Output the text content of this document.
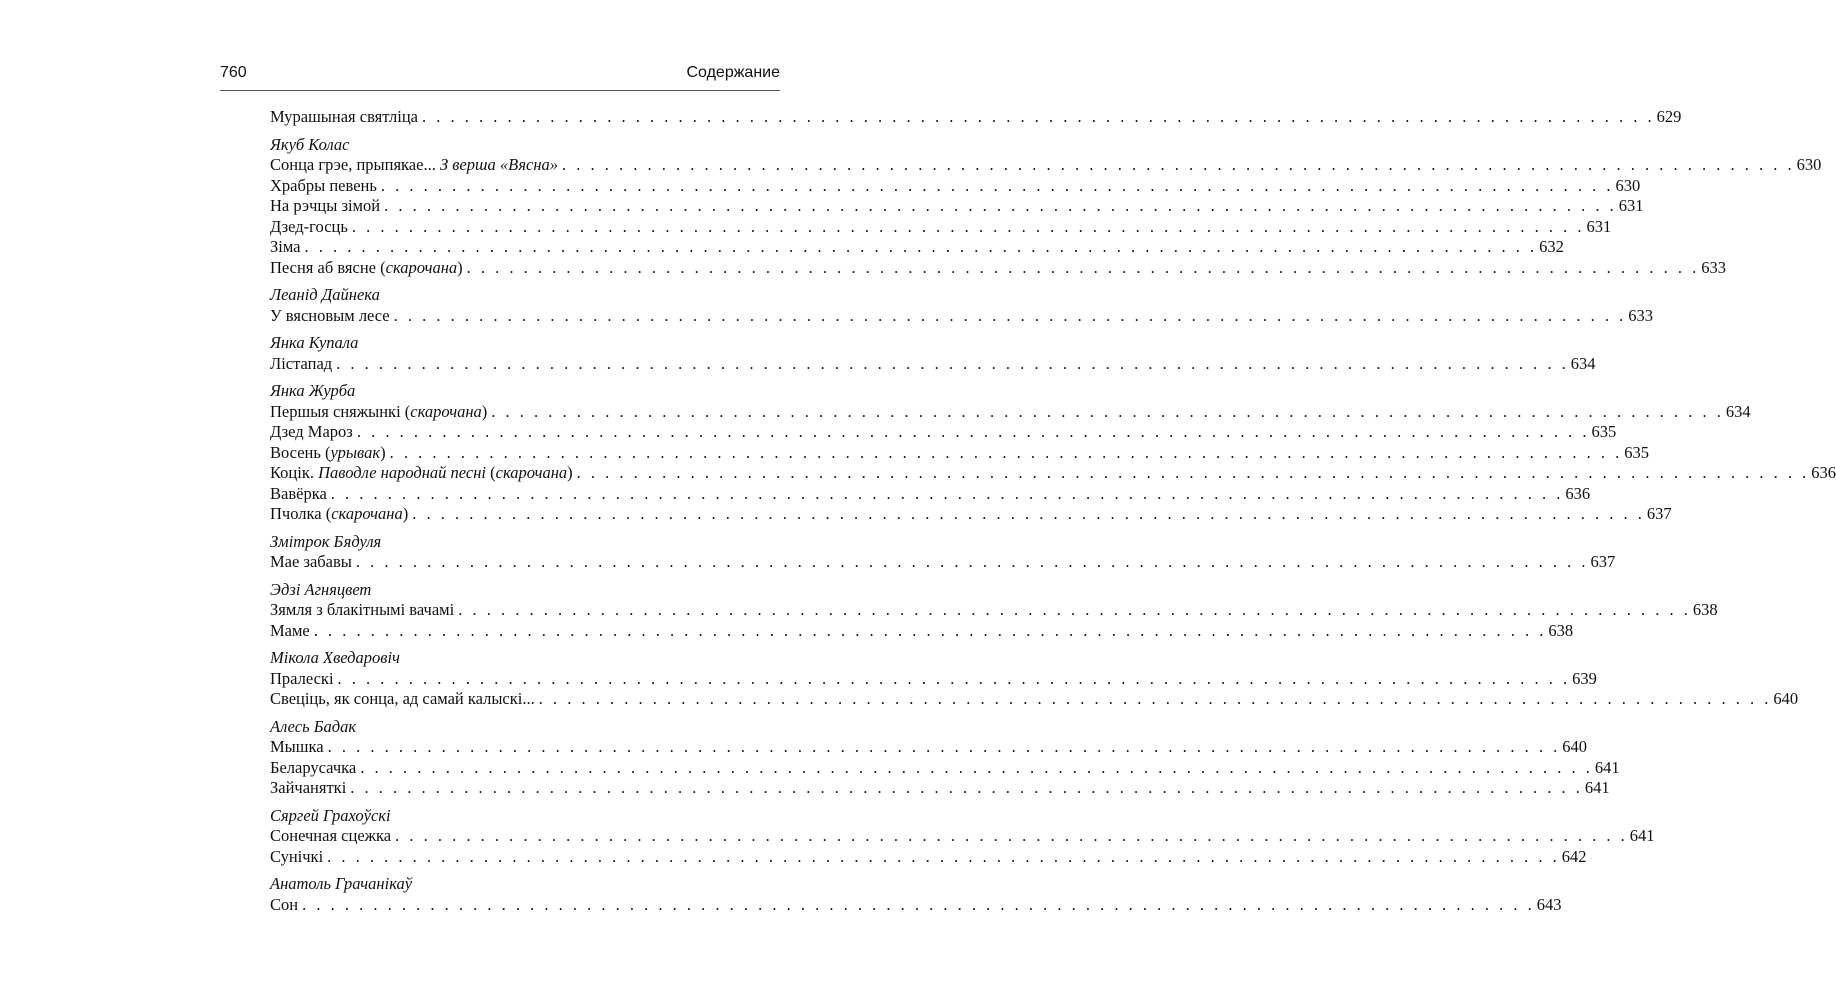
760	Содержание
Мурашыная святліца . . . . . . . . . . . . . . . . . . . . . . . . . . . . . . . . . . . . . . . . . . . . . . . . . . . . . . . . . . . . . . . . . . . . . . . . . . . . . . . . . . . . . . . 629
Якуб Колас
Сонца грэе, прыпякае... З верша «Вясна» . . . . . . . . . . . . . . . . . . . . . . . . . . . . . . . . . . . . . . . . . . . . . . . . . . . . . . . . . . . . . . . . . . . . . . . . . . . . . . . . . . . . . . . 630
Храбры певень . . . . . . . . . . . . . . . . . . . . . . . . . . . . . . . . . . . . . . . . . . . . . . . . . . . . . . . . . . . . . . . . . . . . . . . . . . . . . . . . . . . . . . . 630
На рэчцы зімой . . . . . . . . . . . . . . . . . . . . . . . . . . . . . . . . . . . . . . . . . . . . . . . . . . . . . . . . . . . . . . . . . . . . . . . . . . . . . . . . . . . . . . . 631
Дзед-госць . . . . . . . . . . . . . . . . . . . . . . . . . . . . . . . . . . . . . . . . . . . . . . . . . . . . . . . . . . . . . . . . . . . . . . . . . . . . . . . . . . . . . . . 631
Зіма . . . . . . . . . . . . . . . . . . . . . . . . . . . . . . . . . . . . . . . . . . . . . . . . . . . . . . . . . . . . . . . . . . . . . . . . . . . . . . . . . . . . . . . 632
Песня аб вясне (скарочана) . . . . . . . . . . . . . . . . . . . . . . . . . . . . . . . . . . . . . . . . . . . . . . . . . . . . . . . . . . . . . . . . . . . . . . . . . . . . . . . . . . . . . . . 633
Леанід Дайнека
У вясновым лесе . . . . . . . . . . . . . . . . . . . . . . . . . . . . . . . . . . . . . . . . . . . . . . . . . . . . . . . . . . . . . . . . . . . . . . . . . . . . . . . . . . . . . . . 633
Янка Купала
Лістапад . . . . . . . . . . . . . . . . . . . . . . . . . . . . . . . . . . . . . . . . . . . . . . . . . . . . . . . . . . . . . . . . . . . . . . . . . . . . . . . . . . . . . . . 634
Янка Журба
Першыя сняжынкі (скарочана) . . . . . . . . . . . . . . . . . . . . . . . . . . . . . . . . . . . . . . . . . . . . . . . . . . . . . . . . . . . . . . . . . . . . . . . . . . . . . . . . . . . . . . . 634
Дзед Мароз . . . . . . . . . . . . . . . . . . . . . . . . . . . . . . . . . . . . . . . . . . . . . . . . . . . . . . . . . . . . . . . . . . . . . . . . . . . . . . . . . . . . . . . 635
Восень (урывак) . . . . . . . . . . . . . . . . . . . . . . . . . . . . . . . . . . . . . . . . . . . . . . . . . . . . . . . . . . . . . . . . . . . . . . . . . . . . . . . . . . . . . . . 635
Коцік. Паводле народнай песні (скарочана) . . . . . . . . . . . . . . . . . . . . . . . . . . . . . . . . . . . . . . . . . . . . . . . . . . . . . . . . . . . . . . . . . . . . . . . . . . . . . . . . . . . . . . . 636
Вавёрка . . . . . . . . . . . . . . . . . . . . . . . . . . . . . . . . . . . . . . . . . . . . . . . . . . . . . . . . . . . . . . . . . . . . . . . . . . . . . . . . . . . . . . . 636
Пчолка (скарочана) . . . . . . . . . . . . . . . . . . . . . . . . . . . . . . . . . . . . . . . . . . . . . . . . . . . . . . . . . . . . . . . . . . . . . . . . . . . . . . . . . . . . . . . 637
Змітрок Бядуля
Мае забавы . . . . . . . . . . . . . . . . . . . . . . . . . . . . . . . . . . . . . . . . . . . . . . . . . . . . . . . . . . . . . . . . . . . . . . . . . . . . . . . . . . . . . . . 637
Эдзі Агняцвет
Зямля з блакітнымі вачамі . . . . . . . . . . . . . . . . . . . . . . . . . . . . . . . . . . . . . . . . . . . . . . . . . . . . . . . . . . . . . . . . . . . . . . . . . . . . . . . . . . . . . . . 638
Маме . . . . . . . . . . . . . . . . . . . . . . . . . . . . . . . . . . . . . . . . . . . . . . . . . . . . . . . . . . . . . . . . . . . . . . . . . . . . . . . . . . . . . . . 638
Мікола Хведаровіч
Пралескі . . . . . . . . . . . . . . . . . . . . . . . . . . . . . . . . . . . . . . . . . . . . . . . . . . . . . . . . . . . . . . . . . . . . . . . . . . . . . . . . . . . . . . . 639
Свеціць, як сонца, ад самай калыскі... . . . . . . . . . . . . . . . . . . . . . . . . . . . . . . . . . . . . . . . . . . . . . . . . . . . . . . . . . . . . . . . . . . . . . . . . . . . . . . . . . . . . . . . 640
Алесь Бадак
Мышка . . . . . . . . . . . . . . . . . . . . . . . . . . . . . . . . . . . . . . . . . . . . . . . . . . . . . . . . . . . . . . . . . . . . . . . . . . . . . . . . . . . . . . . 640
Беларусачка . . . . . . . . . . . . . . . . . . . . . . . . . . . . . . . . . . . . . . . . . . . . . . . . . . . . . . . . . . . . . . . . . . . . . . . . . . . . . . . . . . . . . . . 641
Зайчаняткі . . . . . . . . . . . . . . . . . . . . . . . . . . . . . . . . . . . . . . . . . . . . . . . . . . . . . . . . . . . . . . . . . . . . . . . . . . . . . . . . . . . . . . . 641
Сяргей Грахоўскі
Сонечная сцежка . . . . . . . . . . . . . . . . . . . . . . . . . . . . . . . . . . . . . . . . . . . . . . . . . . . . . . . . . . . . . . . . . . . . . . . . . . . . . . . . . . . . . . . 641
Сунічкі . . . . . . . . . . . . . . . . . . . . . . . . . . . . . . . . . . . . . . . . . . . . . . . . . . . . . . . . . . . . . . . . . . . . . . . . . . . . . . . . . . . . . . . 642
Анатоль Грачанікаў
Сон . . . . . . . . . . . . . . . . . . . . . . . . . . . . . . . . . . . . . . . . . . . . . . . . . . . . . . . . . . . . . . . . . . . . . . . . . . . . . . . . . . . . . . . 643
